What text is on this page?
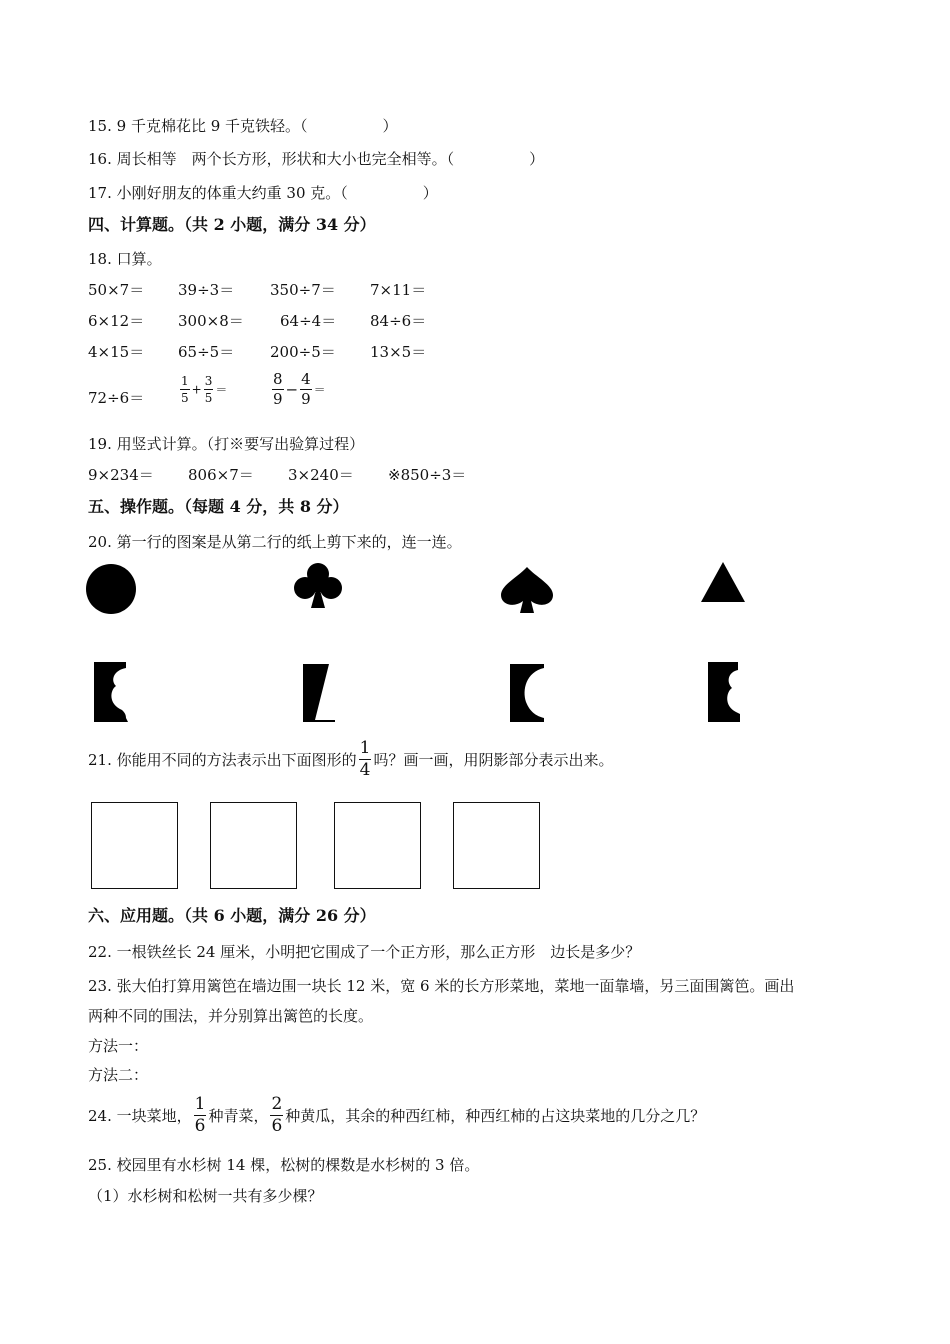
15. 9 千克棉花比 9 千克铁轻。（　　　　　）
16. 周长相等　两个长方形，形状和大小也完全相等。（　　　　　）
17. 小刚好朋友的体重大约重 30 克。（　　　　　）
四、计算题。（共 2 小题，满分 34 分）
18. 口算。
50×7＝ 39÷3＝ 350÷7＝ 7×11＝
6×12＝ 300×8＝ 64÷4＝ 84÷6＝
4×15＝ 65÷5＝ 200÷5＝ 13×5＝
72÷6＝	$\frac{1}{5} + \frac{3}{5}$ ＝	$\frac{8}{9} - \frac{4}{9}$ ＝
19. 用竖式计算。（打※要写出验算过程）
9×234＝ 806×7＝ 3×240＝ ※850÷3＝
五、操作题。（每题 4 分，共 8 分）
20. 第一行的图案是从第二行的纸上剪下来的，连一连。
21. 你能用不同的方法表示出下面图形的 $\frac{1}{4}$ 吗？画一画，用阴影部分表示出来。
六、应用题。（共 6 小题，满分 26 分）
22. 一根铁丝长 24 厘米，小明把它围成了一个正方形，那么正方形　边长是多少？
23. 张大伯打算用篱笆在墙边围一块长 12 米，宽 6 米的长方形菜地，菜地一面靠墙，另三面围篱笆。画出
两种不同的围法，并分别算出篱笆的长度。
方法一：
方法二：
24. 一块菜地， $\frac{1}{6}$ 种青菜， $\frac{2}{6}$ 种黄瓜，其余的种西红柿，种西红柿的占这块菜地的几分之几？
25. 校园里有水杉树 14 棵，松树的棵数是水杉树的 3 倍。
（1）水杉树和松树一共有多少棵？
